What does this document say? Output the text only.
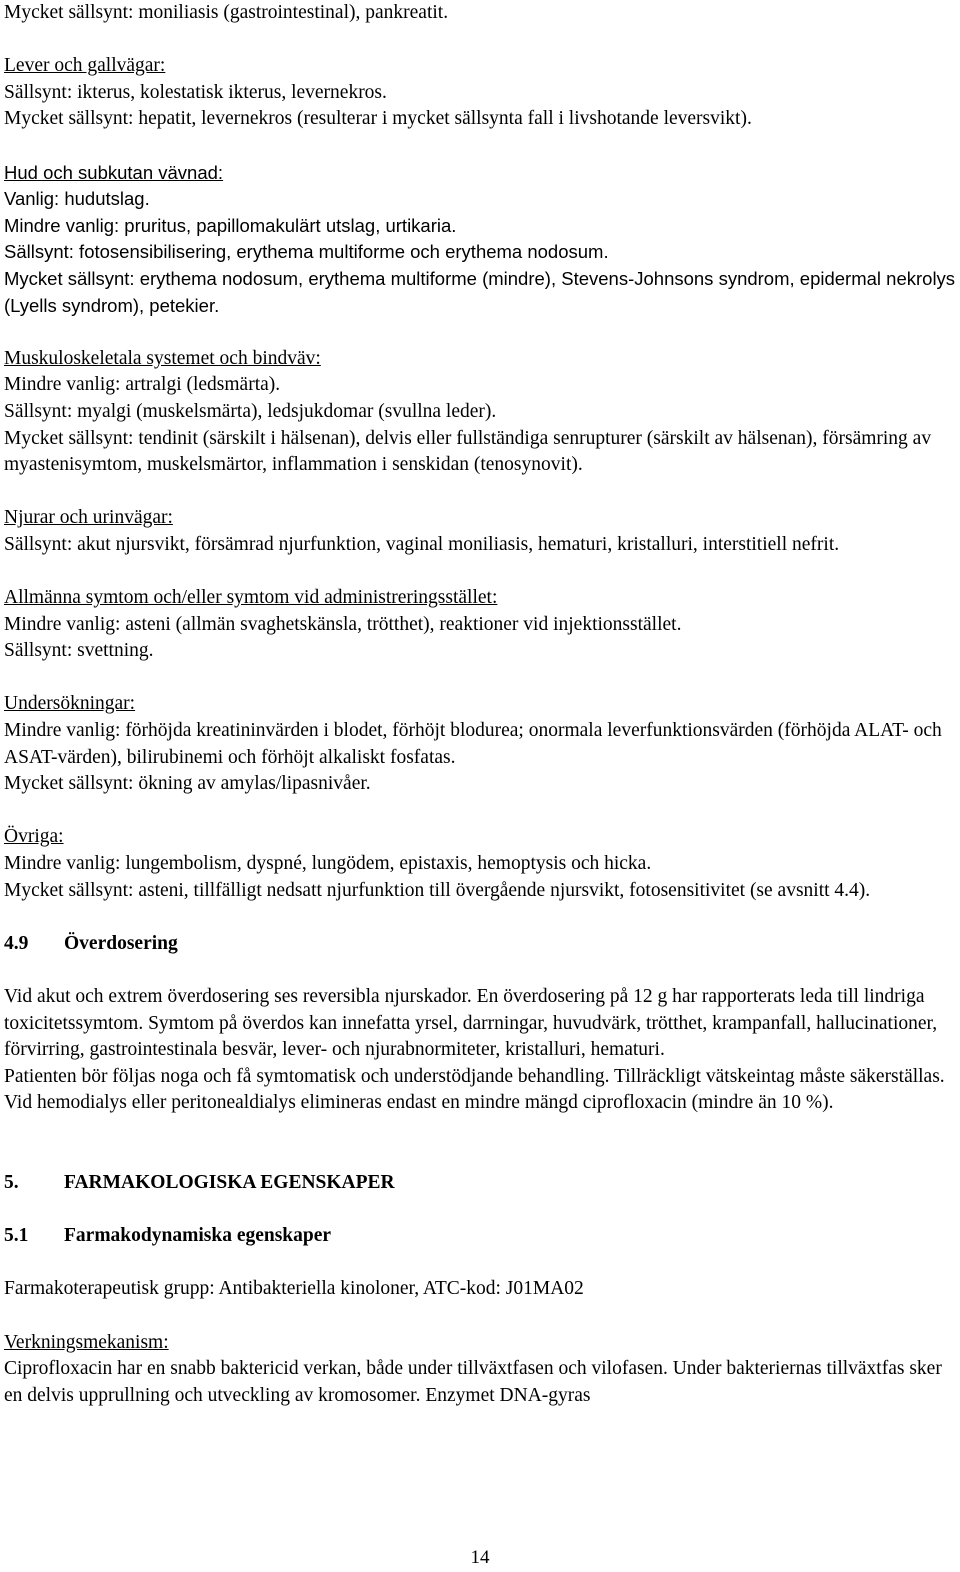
Mycket sällsynt: moniliasis (gastrointestinal), pankreatit.

Lever och gallvägar:
Sällsynt: ikterus, kolestatisk ikterus, levernekros.
Mycket sällsynt: hepatit, levernekros (resulterar i mycket sällsynta fall i livshotande leversvikt).
Hud och subkutan vävnad:
Vanlig: hudutslag.
Mindre vanlig: pruritus, papillomakulärt utslag, urtikaria.
Sällsynt: fotosensibilisering, erythema multiforme och erythema nodosum.
Mycket sällsynt: erythema nodosum, erythema multiforme (mindre), Stevens-Johnsons syndrom, epidermal nekrolys (Lyells syndrom), petekier.
Muskuloskeletala systemet och bindväv:
Mindre vanlig: artralgi (ledsmärta).
Sällsynt: myalgi (muskelsmärta), ledsjukdomar (svullna leder).
Mycket sällsynt: tendinit (särskilt i hälsenan), delvis eller fullständiga senrupturer (särskilt av hälsenan), försämring av myastenisymtom, muskelsmärtor, inflammation i senskidan (tenosynovit).
Njurar och urinvägar:
Sällsynt: akut njursvikt, försämrad njurfunktion, vaginal moniliasis, hematuri, kristalluri, interstitiell nefrit.
Allmänna symtom och/eller symtom vid administreringsstället:
Mindre vanlig: asteni (allmän svaghetskänsla, trötthet), reaktioner vid injektionsstället.
Sällsynt: svettning.
Undersökningar:
Mindre vanlig: förhöjda kreatininvärden i blodet, förhöjt blodurea; onormala leverfunktionsvärden (förhöjda ALAT- och ASAT-värden), bilirubinemi och förhöjt alkaliskt fosfatas.
Mycket sällsynt: ökning av amylas/lipasnivåer.
Övriga:
Mindre vanlig: lungembolism, dyspné, lungödem, epistaxis, hemoptysis och hicka.
Mycket sällsynt: asteni, tillfälligt nedsatt njurfunktion till övergående njursvikt, fotosensitivitet (se avsnitt 4.4).
4.9 Överdosering
Vid akut och extrem överdosering ses reversibla njurskador. En överdosering på 12 g har rapporterats leda till lindriga toxicitetssymtom. Symtom på överdos kan innefatta yrsel, darrningar, huvudvärk, trötthet, krampanfall, hallucinationer, förvirring, gastrointestinala besvär, lever- och njurabnormiteter, kristalluri, hematuri.
Patienten bör följas noga och få symtomatisk och understödjande behandling. Tillräckligt vätskeintag måste säkerställas. Vid hemodialys eller peritonealdialys elimineras endast en mindre mängd ciprofloxacin (mindre än 10 %).
5. FARMAKOLOGISKA EGENSKAPER
5.1 Farmakodynamiska egenskaper
Farmakoterapeutisk grupp: Antibakteriella kinoloner, ATC-kod: J01MA02
Verkningsmekanism:
Ciprofloxacin har en snabb baktericid verkan, både under tillväxtfasen och vilofasen. Under bakteriernas tillväxtfas sker en delvis upprullning och utveckling av kromosomer. Enzymet DNA-gyras
14
